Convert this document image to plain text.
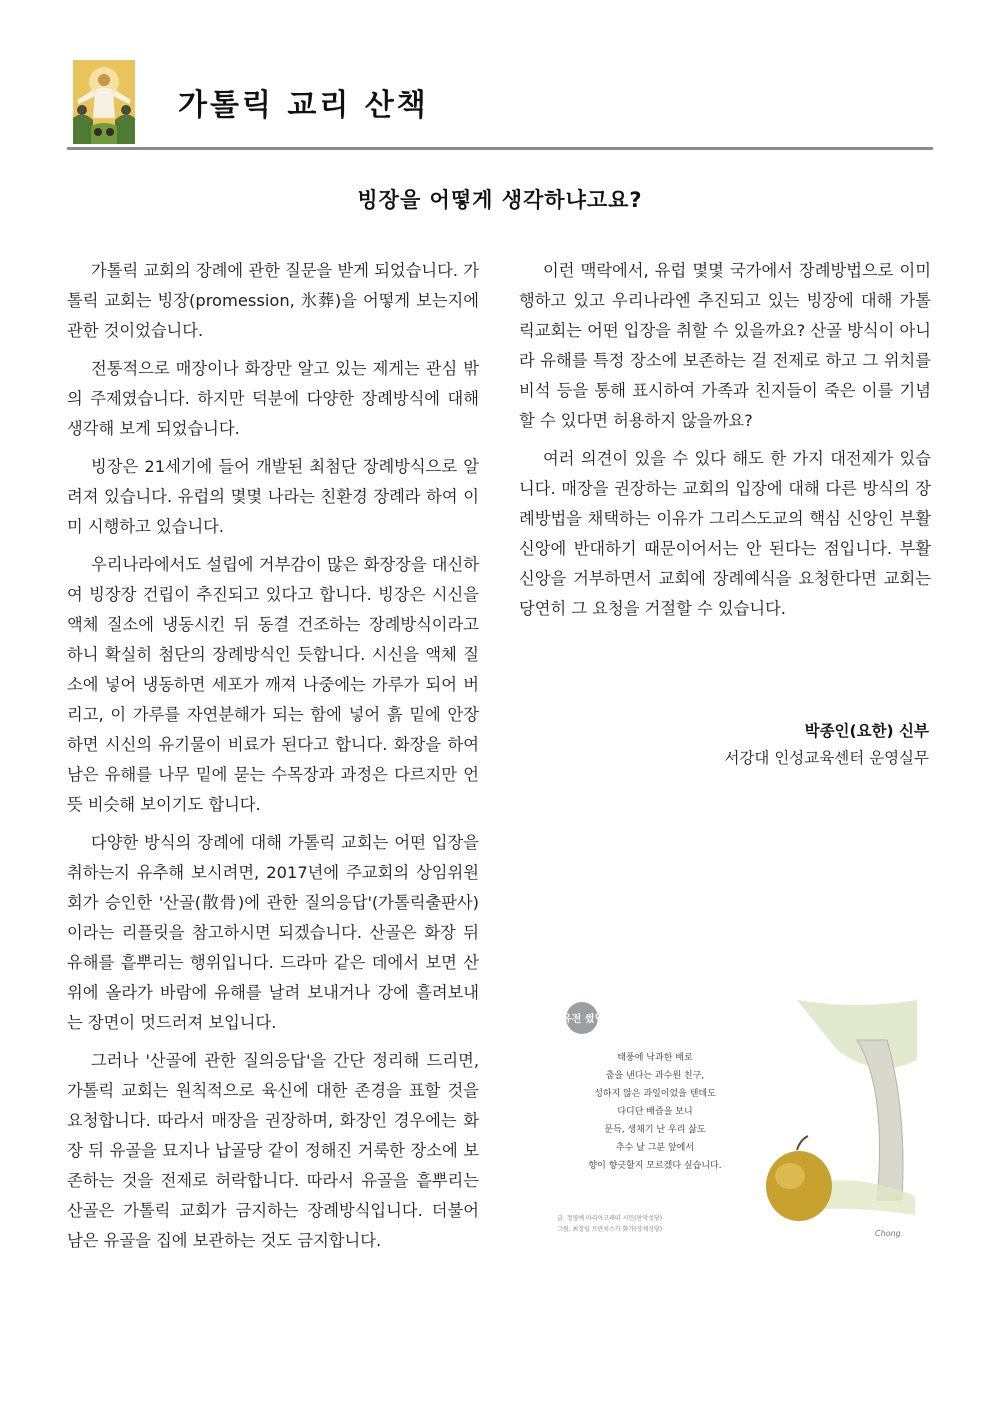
가톨릭 교리 산책
빙장을 어떻게 생각하냐고요?

가톨릭 교회의 장례에 관한 질문을 받게 되었습니다. 가톨릭 교회는 빙장(promession, 氷葬)을 어떻게 보는지에 관한 것이었습니다.

전통적으로 매장이나 화장만 알고 있는 제게는 관심 밖의 주제였습니다. 하지만 덕분에 다양한 장례방식에 대해 생각해 보게 되었습니다.

빙장은 21세기에 들어 개발된 최첨단 장례방식으로 알려져 있습니다. 유럽의 몇몇 나라는 친환경 장례라 하여 이미 시행하고 있습니다.

우리나라에서도 설립에 거부감이 많은 화장장을 대신하여 빙장장 건립이 추진되고 있다고 합니다. 빙장은 시신을 액체 질소에 냉동시킨 뒤 동결 건조하는 장례방식이라고 하니 확실히 첨단의 장례방식인 듯합니다. 시신을 액체 질소에 넣어 냉동하면 세포가 깨져 나중에는 가루가 되어 버리고, 이 가루를 자연분해가 되는 함에 넣어 흙 밑에 안장하면 시신의 유기물이 비료가 된다고 합니다. 화장을 하여 남은 유해를 나무 밑에 묻는 수목장과 과정은 다르지만 언뜻 비슷해 보이기도 합니다.

다양한 방식의 장례에 대해 가톨릭 교회는 어떤 입장을 취하는지 유추해 보시려면, 2017년에 주교회의 상임위원회가 승인한 '산골(散骨)에 관한 질의응답'(가톨릭출판사)이라는 리플릿을 참고하시면 되겠습니다. 산골은 화장 뒤 유해를 흩뿌리는 행위입니다. 드라마 같은 데에서 보면 산 위에 올라가 바람에 유해를 날려 보내거나 강에 흘려보내는 장면이 멋드러져 보입니다.

그러나 '산골에 관한 질의응답'을 간단 정리해 드리면, 가톨릭 교회는 원칙적으로 육신에 대한 존경을 표할 것을 요청합니다. 따라서 매장을 권장하며, 화장인 경우에는 화장 뒤 유골을 묘지나 납골당 같이 정해진 거룩한 장소에 보존하는 것을 전제로 허락합니다. 따라서 유골을 흩뿌리는 산골은 가톨릭 교회가 금지하는 장례방식입니다. 더불어 남은 유골을 집에 보관하는 것도 금지합니다.

이런 맥락에서, 유럽 몇몇 국가에서 장례방법으로 이미 행하고 있고 우리나라엔 추진되고 있는 빙장에 대해 가톨릭교회는 어떤 입장을 취할 수 있을까요? 산골 방식이 아니라 유해를 특정 장소에 보존하는 걸 전제로 하고 그 위치를 비석 등을 통해 표시하여 가족과 친지들이 죽은 이를 기념할 수 있다면 허용하지 않을까요?

여러 의견이 있을 수 있다 해도 한 가지 대전제가 있습니다. 매장을 권장하는 교회의 입장에 대해 다른 방식의 장례방법을 채택하는 이유가 그리스도교의 핵심 신앙인 부활 신앙에 반대하기 때문이어서는 안 된다는 점입니다. 부활신앙을 거부하면서 교회에 장례예식을 요청한다면 교회는 당연히 그 요청을 거절할 수 있습니다.

박종인(요한) 신부
서강대 인성교육센터 운영실무
유전 썼님
태풍에 낙과한 배로
춤을 낸다는 과수원 친구,
성하지 않은 과일이었을 텐데도
다디단 배즙을 보니
문득, 생채기 난 우리 삶도
추수 날 그분 앞에서
향이 향긋할지 모르겠다 싶습니다.
글. 정영예 마리아고레띠 시인(판악성당)
그림. 최정임 프란치스카 화가(상계성당)	Chong
